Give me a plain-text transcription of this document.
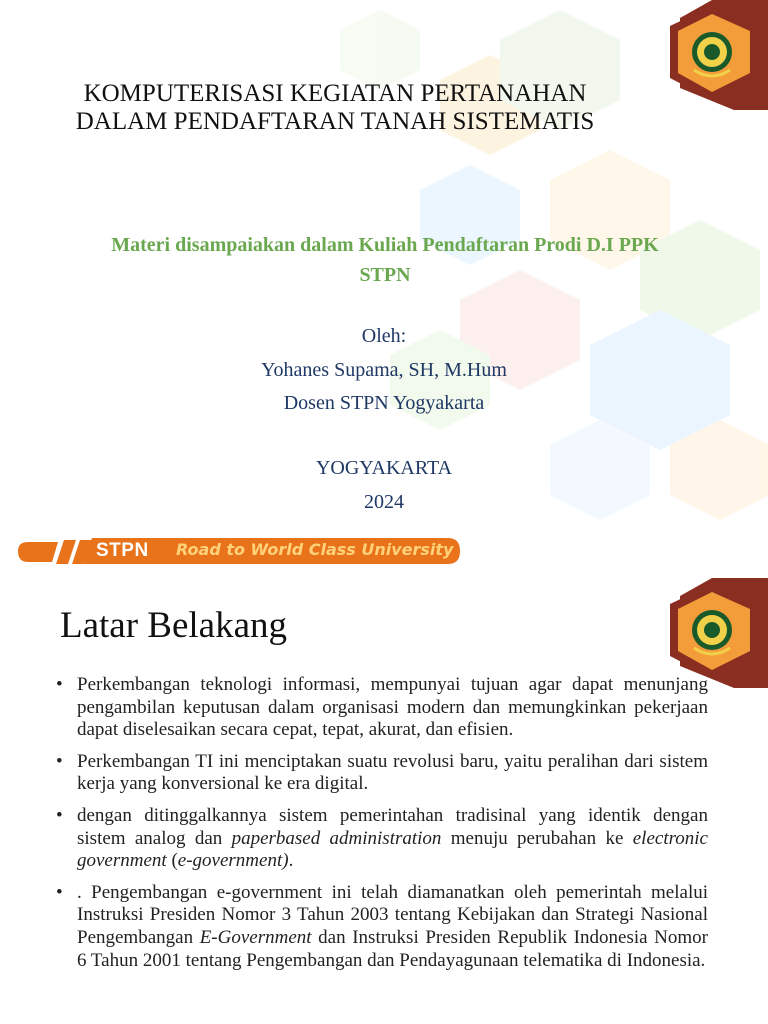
KOMPUTERISASI KEGIATAN PERTANAHAN
DALAM PENDAFTARAN TANAH SISTEMATIS
Materi disampaiakan dalam Kuliah Pendaftaran Prodi D.I PPK
STPN
Oleh:
Yohanes Supama, SH, M.Hum
Dosen STPN Yogyakarta
YOGYAKARTA
2024
STPN Road to World Class University
Latar Belakang
• Perkembangan teknologi informasi, mempunyai tujuan agar dapat menunjang pengambilan keputusan dalam organisasi modern dan memungkinkan pekerjaan dapat diselesaikan secara cepat, tepat, akurat, dan efisien.
• Perkembangan TI ini menciptakan suatu revolusi baru, yaitu peralihan dari sistem kerja yang konversional ke era digital.
• dengan ditinggalkannya sistem pemerintahan tradisinal yang identik dengan sistem analog dan paperbased administration menuju perubahan ke electronic government (e-government).
• . Pengembangan e-government ini telah diamanatkan oleh pemerintah melalui Instruksi Presiden Nomor 3 Tahun 2003 tentang Kebijakan dan Strategi Nasional Pengembangan E-Government dan Instruksi Presiden Republik Indonesia Nomor 6 Tahun 2001 tentang Pengembangan dan Pendayagunaan telematika di Indonesia.
